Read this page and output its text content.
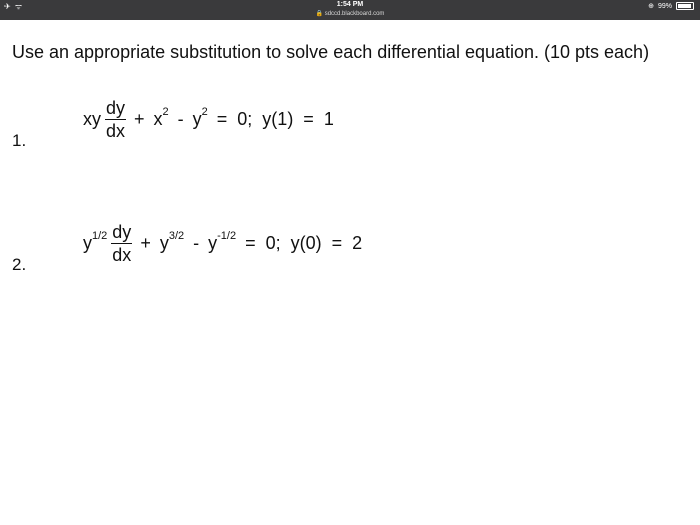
✈ ᯤ	1:54 PM
🔒 sdccd.blackboard.com
⊕ 99%
Use an appropriate substitution to solve each differential equation. (10 pts each)
1.
xy $\frac{dy}{dx} + x^2 - y^2 = 0$;  y(1)  =  1
2.
$y^{1/2} \frac{dy}{dx} + y^{3/2} - y^{-1/2} = 0$;  y(0)  =  2
